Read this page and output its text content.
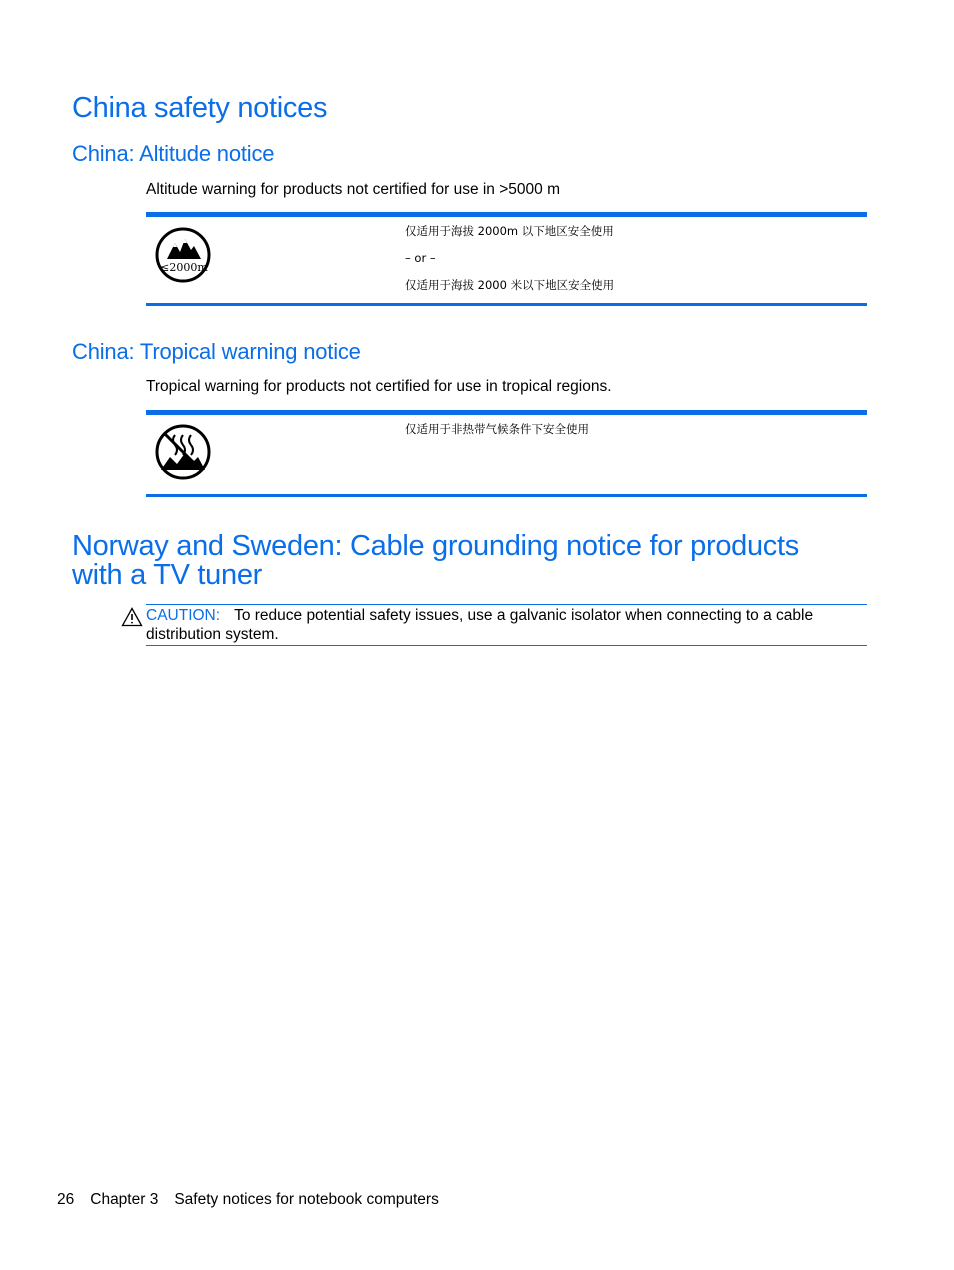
China safety notices
China: Altitude notice
Altitude warning for products not certified for use in >5000 m
≤2000m
仅适用于海拔 2000m 以下地区安全使用
– or –
仅适用于海拔 2000 米以下地区安全使用
China: Tropical warning notice
Tropical warning for products not certified for use in tropical regions.
仅适用于非热带气候条件下安全使用
Norway and Sweden: Cable grounding notice for products
with a TV tuner
CAUTION: To reduce potential safety issues, use a galvanic isolator when connecting to a cable distribution system.
26 Chapter 3 Safety notices for notebook computers
